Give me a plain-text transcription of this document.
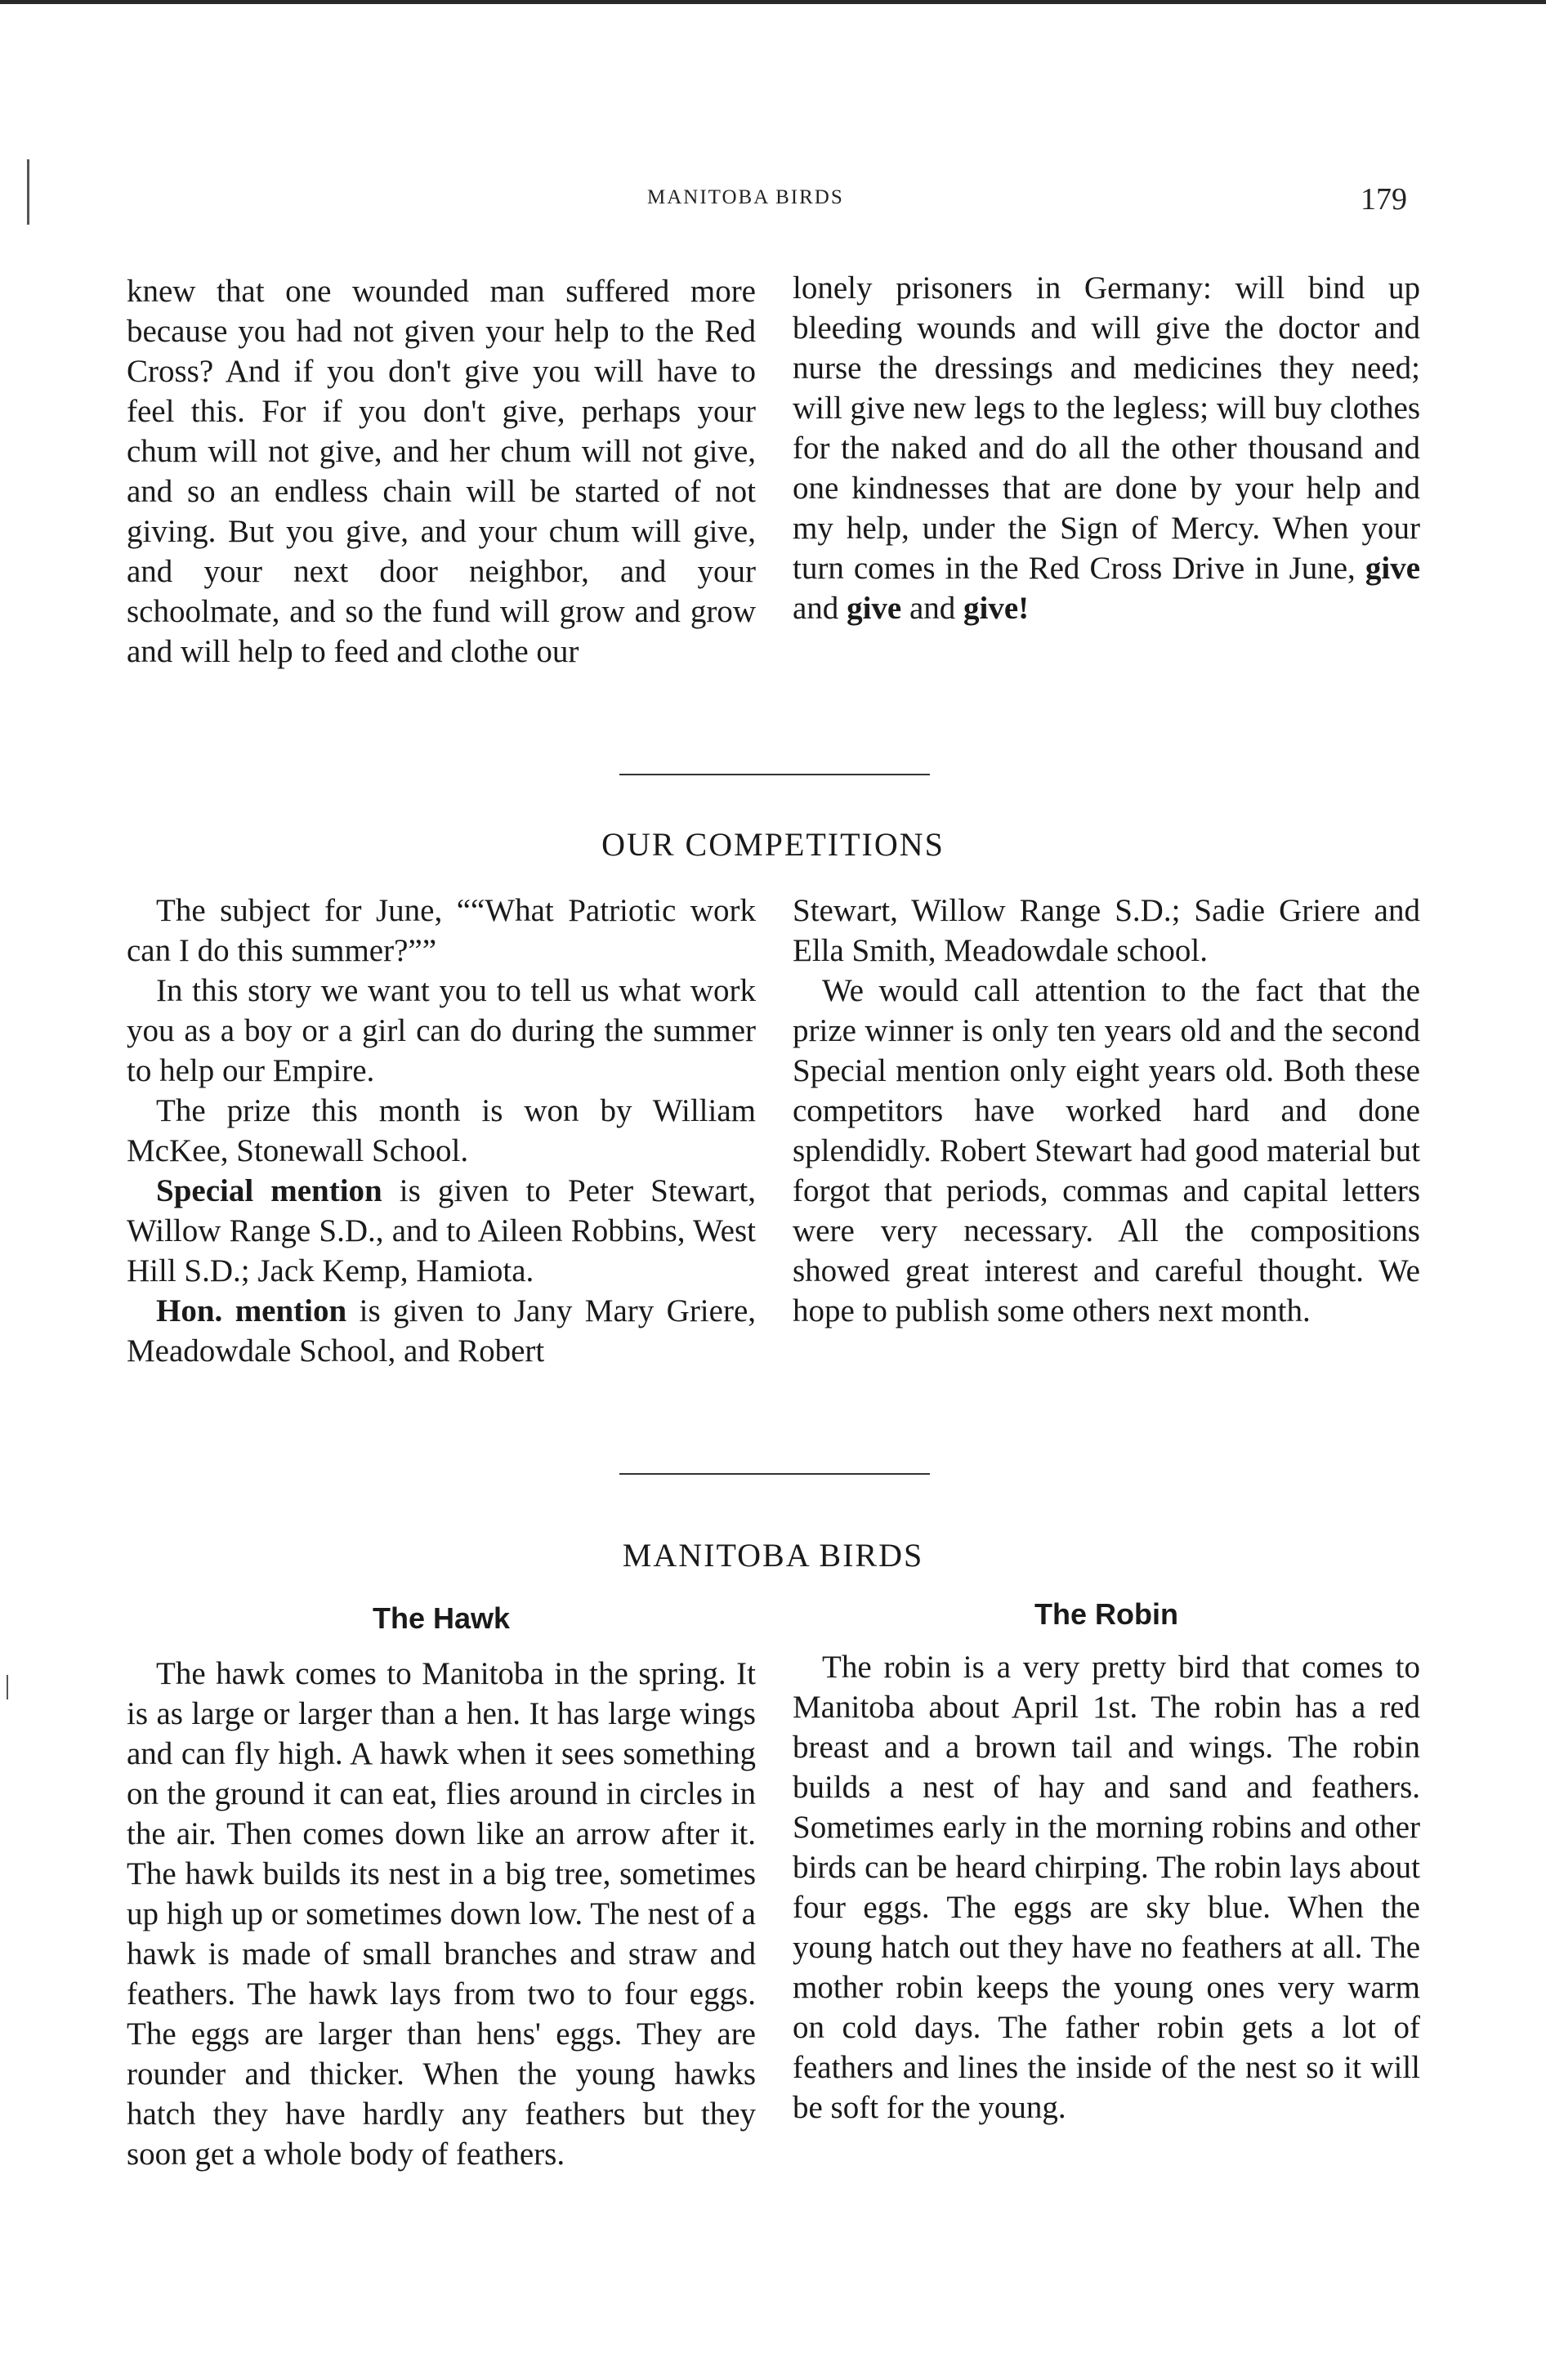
MANITOBA BIRDS	179

knew that one wounded man suffered more because you had not given your help to the Red Cross? And if you don't give you will have to feel this. For if you don't give, perhaps your chum will not give, and her chum will not give, and so an endless chain will be started of not giving. But you give, and your chum will give, and your next door neighbor, and your schoolmate, and so the fund will grow and grow and will help to feed and clothe our

lonely prisoners in Germany: will bind up bleeding wounds and will give the doctor and nurse the dressings and medicines they need; will give new legs to the legless; will buy clothes for the naked and do all the other thousand and one kindnesses that are done by your help and my help, under the Sign of Mercy. When your turn comes in the Red Cross Drive in June, give and give and give!

OUR COMPETITIONS

The subject for June, ““What Patriotic work can I do this summer?””

In this story we want you to tell us what work you as a boy or a girl can do during the summer to help our Empire.

The prize this month is won by William McKee, Stonewall School.

Special mention is given to Peter Stewart, Willow Range S.D., and to Aileen Robbins, West Hill S.D.; Jack Kemp, Hamiota.

Hon. mention is given to Jany Mary Griere, Meadowdale School, and Robert

Stewart, Willow Range S.D.; Sadie Griere and Ella Smith, Meadowdale school.

We would call attention to the fact that the prize winner is only ten years old and the second Special mention only eight years old. Both these competitors have worked hard and done splendidly. Robert Stewart had good material but forgot that periods, commas and capital letters were very necessary. All the compositions showed great interest and careful thought. We hope to publish some others next month.

MANITOBA BIRDS
The Hawk

The hawk comes to Manitoba in the spring. It is as large or larger than a hen. It has large wings and can fly high. A hawk when it sees something on the ground it can eat, flies around in circles in the air. Then comes down like an arrow after it. The hawk builds its nest in a big tree, sometimes up high up or sometimes down low. The nest of a hawk is made of small branches and straw and feathers. The hawk lays from two to four eggs. The eggs are larger than hens' eggs. They are rounder and thicker. When the young hawks hatch they have hardly any feathers but they soon get a whole body of feathers.

The Robin

The robin is a very pretty bird that comes to Manitoba about April 1st. The robin has a red breast and a brown tail and wings. The robin builds a nest of hay and sand and feathers. Sometimes early in the morning robins and other birds can be heard chirping. The robin lays about four eggs. The eggs are sky blue. When the young hatch out they have no feathers at all. The mother robin keeps the young ones very warm on cold days. The father robin gets a lot of feathers and lines the inside of the nest so it will be soft for the young.
